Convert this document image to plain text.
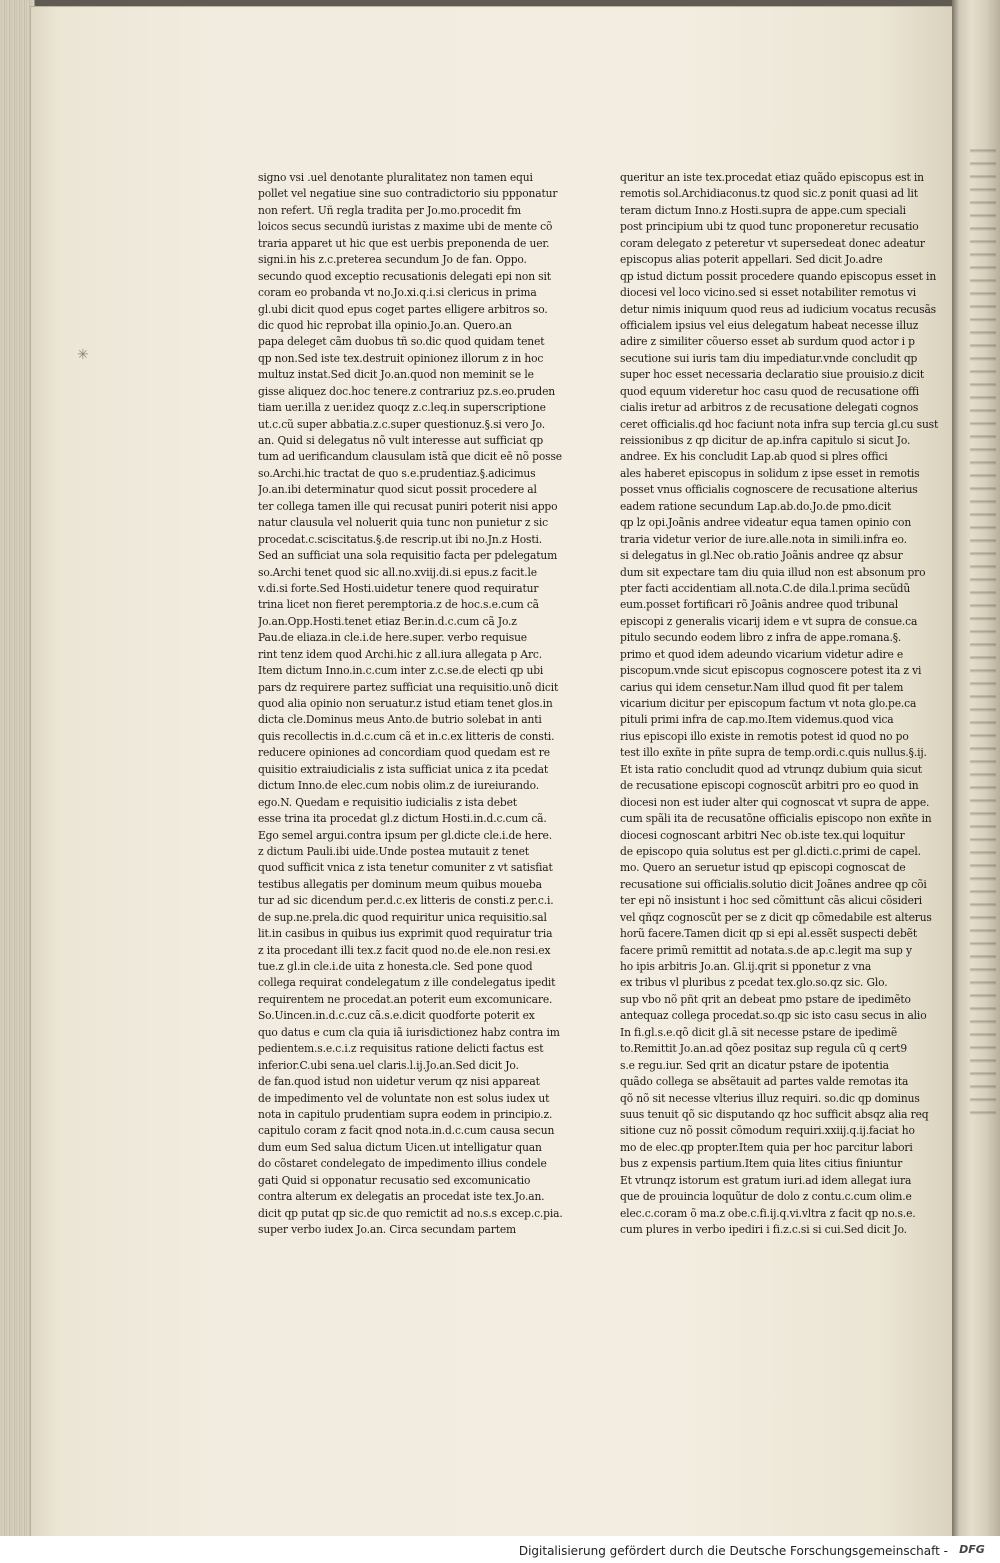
✳
signo vsi .uel denotante pluralitatez non tamen equi
pollet vel negatiue sine suo contradictorio siu ppponatur
non refert. Uñ regla tradita per Jo.mo.procedit fm
loicos secus secundũ iuristas z maxime ubi de mente cõ
traria apparet ut hic que est uerbis preponenda de uer.
signi.in his z.c.preterea secundum Jo de fan. Oppo.
secundo quod exceptio recusationis delegati epi non sit
coram eo probanda vt no.Jo.xi.q.i.si clericus in prima
gl.ubi dicit quod epus coget partes elligere arbitros so.
dic quod hic reprobat illa opinio.Jo.an. Quero.an
papa deleget cãm duobus tñ so.dic quod quidam tenet
qp non.Sed iste tex.destruit opinionez illorum z in hoc
multuz instat.Sed dicit Jo.an.quod non meminit se le
gisse aliquez doc.hoc tenere.z contrariuz pz.s.eo.pruden
tiam uer.illa z uer.idez quoqz z.c.leq.in superscriptione
ut.c.cũ super abbatia.z.c.super questionuz.§.si vero Jo.
an. Quid si delegatus nõ vult interesse aut sufficiat qp
tum ad uerificandum clausulam istã que dicit eē nõ posse
so.Archi.hic tractat de quo s.e.prudentiaz.§.adicimus
Jo.an.ibi determinatur quod sicut possit procedere al
ter collega tamen ille qui recusat puniri poterit nisi appo
natur clausula vel noluerit quia tunc non punietur z sic
procedat.c.sciscitatus.§.de rescrip.ut ibi no.Jn.z Hosti.
Sed an sufficiat una sola requisitio facta per pdelegatum
so.Archi tenet quod sic all.no.xviij.di.si epus.z facit.le
v.di.si forte.Sed Hosti.uidetur tenere quod requiratur
trina licet non fieret peremptoria.z de hoc.s.e.cum cã
Jo.an.Opp.Hosti.tenet etiaz Ber.in.d.c.cum cã Jo.z
Pau.de eliaza.in cle.i.de here.super. verbo requisue
rint tenz idem quod Archi.hic z all.iura allegata p Arc.
Item dictum Inno.in.c.cum inter z.c.se.de electi qp ubi
pars dz requirere partez sufficiat una requisitio.unõ dicit
quod alia opinio non seruatur.z istud etiam tenet glos.in
dicta cle.Dominus meus Anto.de butrio solebat in anti
quis recollectis in.d.c.cum cã et in.c.ex litteris de consti.
reducere opiniones ad concordiam quod quedam est re
quisitio extraiudicialis z ista sufficiat unica z ita pcedat
dictum Inno.de elec.cum nobis olim.z de iureiurando.
ego.N. Quedam e requisitio iudicialis z ista debet
esse trina ita procedat gl.z dictum Hosti.in.d.c.cum cã.
Ego semel argui.contra ipsum per gl.dicte cle.i.de here.
z dictum Pauli.ibi uide.Unde postea mutauit z tenet
quod sufficit vnica z ista tenetur comuniter z vt satisfiat
testibus allegatis per dominum meum quibus moueba
tur ad sic dicendum per.d.c.ex litteris de consti.z per.c.i.
de sup.ne.prela.dic quod requiritur unica requisitio.sal
lit.in casibus in quibus ius exprimit quod requiratur tria
z ita procedant illi tex.z facit quod no.de ele.non resi.ex
tue.z gl.in cle.i.de uita z honesta.cle. Sed pone quod
collega requirat condelegatum z ille condelegatus ipedit
requirentem ne procedat.an poterit eum excomunicare.
So.Uincen.in.d.c.cuz cã.s.e.dicit quodforte poterit ex
quo datus e cum cla quia iã iurisdictionez habz contra im
pedientem.s.e.c.i.z requisitus ratione delicti factus est
inferior.C.ubi sena.uel claris.l.ij.Jo.an.Sed dicit Jo.
de fan.quod istud non uidetur verum qz nisi appareat
de impedimento vel de voluntate non est solus iudex ut
nota in capitulo prudentiam supra eodem in principio.z.
capitulo coram z facit qnod nota.in.d.c.cum causa secun
dum eum Sed salua dictum Uicen.ut intelligatur quan
do cõstaret condelegato de impedimento illius condele
gati Quid si opponatur recusatio sed excomunicatio
contra alterum ex delegatis an procedat iste tex.Jo.an.
dicit qp putat qp sic.de quo remictit ad no.s.s excep.c.pia.
super verbo iudex Jo.an. Circa secundam partem
queritur an iste tex.procedat etiaz quãdo episcopus est in
remotis sol.Archidiaconus.tz quod sic.z ponit quasi ad lit
teram dictum Inno.z Hosti.supra de appe.cum speciali
post principium ubi tz quod tunc proponeretur recusatio
coram delegato z peteretur vt supersedeat donec adeatur
episcopus alias poterit appellari. Sed dicit Jo.adre
qp istud dictum possit procedere quando episcopus esset in
diocesi vel loco vicino.sed si esset notabiliter remotus vi
detur nimis iniquum quod reus ad iudicium vocatus recusãs
officialem ipsius vel eius delegatum habeat necesse illuz
adire z similiter cõuerso esset ab surdum quod actor i p
secutione sui iuris tam diu impediatur.vnde concludit qp
super hoc esset necessaria declaratio siue prouisio.z dicit
quod equum videretur hoc casu quod de recusatione offi
cialis iretur ad arbitros z de recusatione delegati cognos
ceret officialis.qd hoc faciunt nota infra sup tercia gl.cu sust
reissionibus z qp dicitur de ap.infra capitulo si sicut Jo.
andree. Ex his concludit Lap.ab quod si plres offici
ales haberet episcopus in solidum z ipse esset in remotis
posset vnus officialis cognoscere de recusatione alterius
eadem ratione secundum Lap.ab.do.Jo.de pmo.dicit
qp lz opi.Joãnis andree videatur equa tamen opinio con
traria videtur verior de iure.alle.nota in simili.infra eo.
si delegatus in gl.Nec ob.ratio Joãnis andree qz absur
dum sit expectare tam diu quia illud non est absonum pro
pter facti accidentiam all.nota.C.de dila.l.prima secũdũ
eum.posset fortificari rõ Joãnis andree quod tribunal
episcopi z generalis vicarij idem e vt supra de consue.ca
pitulo secundo eodem libro z infra de appe.romana.§.
primo et quod idem adeundo vicarium videtur adire e
piscopum.vnde sicut episcopus cognoscere potest ita z vi
carius qui idem censetur.Nam illud quod fit per talem
vicarium dicitur per episcopum factum vt nota glo.pe.ca
pituli primi infra de cap.mo.Item videmus.quod vica
rius episcopi illo existe in remotis potest id quod no po
test illo exñte in pñte supra de temp.ordi.c.quis nullus.§.ij.
Et ista ratio concludit quod ad vtrunqz dubium quia sicut
de recusatione episcopi cognoscũt arbitri pro eo quod in
diocesi non est iuder alter qui cognoscat vt supra de appe.
cum spãli ita de recusatõne officialis episcopo non exñte in
diocesi cognoscant arbitri Nec ob.iste tex.qui loquitur
de episcopo quia solutus est per gl.dicti.c.primi de capel.
mo. Quero an seruetur istud qp episcopi cognoscat de
recusatione sui officialis.solutio dicit Joãnes andree qp cõi
ter epi nõ insistunt i hoc sed cõmittunt cãs alicui cõsideri
vel qñqz cognoscũt per se z dicit qp cõmedabile est alterus
horũ facere.Tamen dicit qp si epi al.essẽt suspecti debẽt
facere primũ remittit ad notata.s.de ap.c.legit ma sup y
ho ipis arbitris Jo.an. Gl.ij.qrit si pponetur z vna
ex tribus vl pluribus z pcedat tex.glo.so.qz sic. Glo.
sup vbo nõ pñt qrit an debeat pmo pstare de ipedimẽto
antequaz collega procedat.so.qp sic isto casu secus in alio
In fi.gl.s.e.qõ dicit gl.ã sit necesse pstare de ipedimẽ
to.Remittit Jo.an.ad qõez positaz sup regula cũ q cert9
s.e regu.iur. Sed qrit an dicatur pstare de ipotentia
quãdo collega se absẽtauit ad partes valde remotas ita
qõ nõ sit necesse vlterius illuz requiri. so.dic qp dominus
suus tenuit qõ sic disputando qz hoc sufficit absqz alia req
sitione cuz nõ possit cõmodum requiri.xxiij.q.ij.faciat ho
mo de elec.qp propter.Item quia per hoc parcitur labori
bus z expensis partium.Item quia lites citius finiuntur
Et vtrunqz istorum est gratum iuri.ad idem allegat iura
que de prouincia loquũtur de dolo z contu.c.cum olim.e
elec.c.coram õ ma.z obe.c.fi.ij.q.vi.vltra z facit qp no.s.e.
cum plures in verbo ipediri i fi.z.c.si si cui.Sed dicit Jo.
Digitalisierung gefördert durch die Deutsche Forschungsgemeinschaft -	DFG
